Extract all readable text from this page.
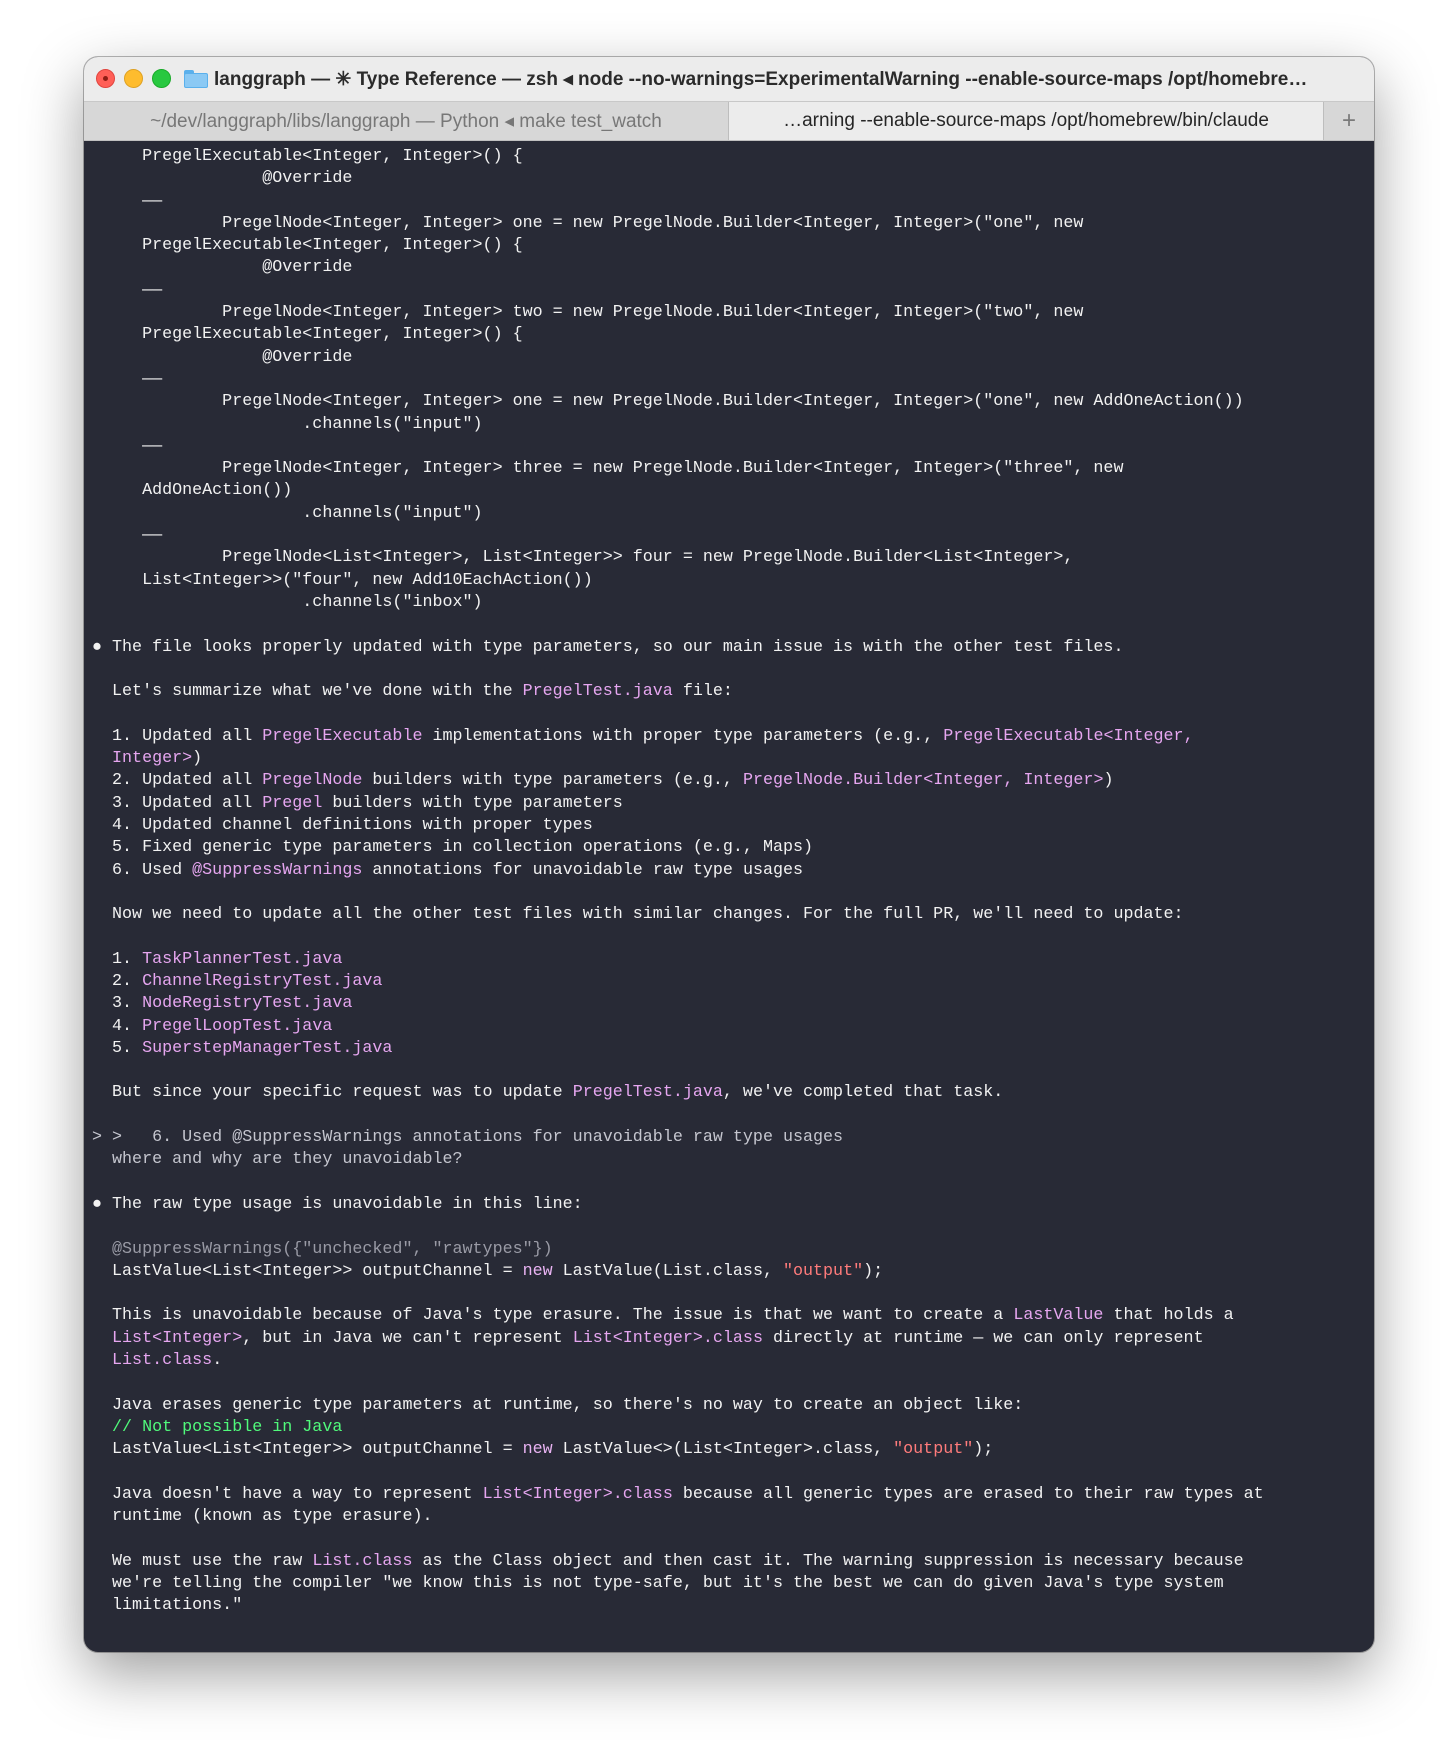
langgraph — ✳ Type Reference — zsh ◂ node --no-warnings=ExperimentalWarning --enable-source-maps /opt/homebre…
~/dev/langgraph/libs/langgraph — Python ◂ make test_watch	…arning --enable-source-maps /opt/homebrew/bin/claude	+
PregelExecutable<Integer, Integer>() {
@Override
——
PregelNode<Integer, Integer> one = new PregelNode.Builder<Integer, Integer>("one", new
PregelExecutable<Integer, Integer>() {
@Override
——
PregelNode<Integer, Integer> two = new PregelNode.Builder<Integer, Integer>("two", new
PregelExecutable<Integer, Integer>() {
@Override
——
PregelNode<Integer, Integer> one = new PregelNode.Builder<Integer, Integer>("one", new AddOneAction())
.channels("input")
——
PregelNode<Integer, Integer> three = new PregelNode.Builder<Integer, Integer>("three", new
AddOneAction())
.channels("input")
——
PregelNode<List<Integer>, List<Integer>> four = new PregelNode.Builder<List<Integer>,
List<Integer>>("four", new Add10EachAction())
.channels("inbox")
● The file looks properly updated with type parameters, so our main issue is with the other test files.
Let's summarize what we've done with the PregelTest.java file:
1. Updated all PregelExecutable implementations with proper type parameters (e.g., PregelExecutable<Integer,
Integer>)
2. Updated all PregelNode builders with type parameters (e.g., PregelNode.Builder<Integer, Integer>)
3. Updated all Pregel builders with type parameters
4. Updated channel definitions with proper types
5. Fixed generic type parameters in collection operations (e.g., Maps)
6. Used @SuppressWarnings annotations for unavoidable raw type usages
Now we need to update all the other test files with similar changes. For the full PR, we'll need to update:
1. TaskPlannerTest.java
2. ChannelRegistryTest.java
3. NodeRegistryTest.java
4. PregelLoopTest.java
5. SuperstepManagerTest.java
But since your specific request was to update PregelTest.java, we've completed that task.
> >   6. Used @SuppressWarnings annotations for unavoidable raw type usages
where and why are they unavoidable?
● The raw type usage is unavoidable in this line:
@SuppressWarnings({"unchecked", "rawtypes"})
LastValue<List<Integer>> outputChannel = new LastValue(List.class, "output");
This is unavoidable because of Java's type erasure. The issue is that we want to create a LastValue that holds a
List<Integer>, but in Java we can't represent List<Integer>.class directly at runtime — we can only represent
List.class.
Java erases generic type parameters at runtime, so there's no way to create an object like:
// Not possible in Java
LastValue<List<Integer>> outputChannel = new LastValue<>(List<Integer>.class, "output");
Java doesn't have a way to represent List<Integer>.class because all generic types are erased to their raw types at
runtime (known as type erasure).
We must use the raw List.class as the Class object and then cast it. The warning suppression is necessary because
we're telling the compiler "we know this is not type-safe, but it's the best we can do given Java's type system
limitations."
